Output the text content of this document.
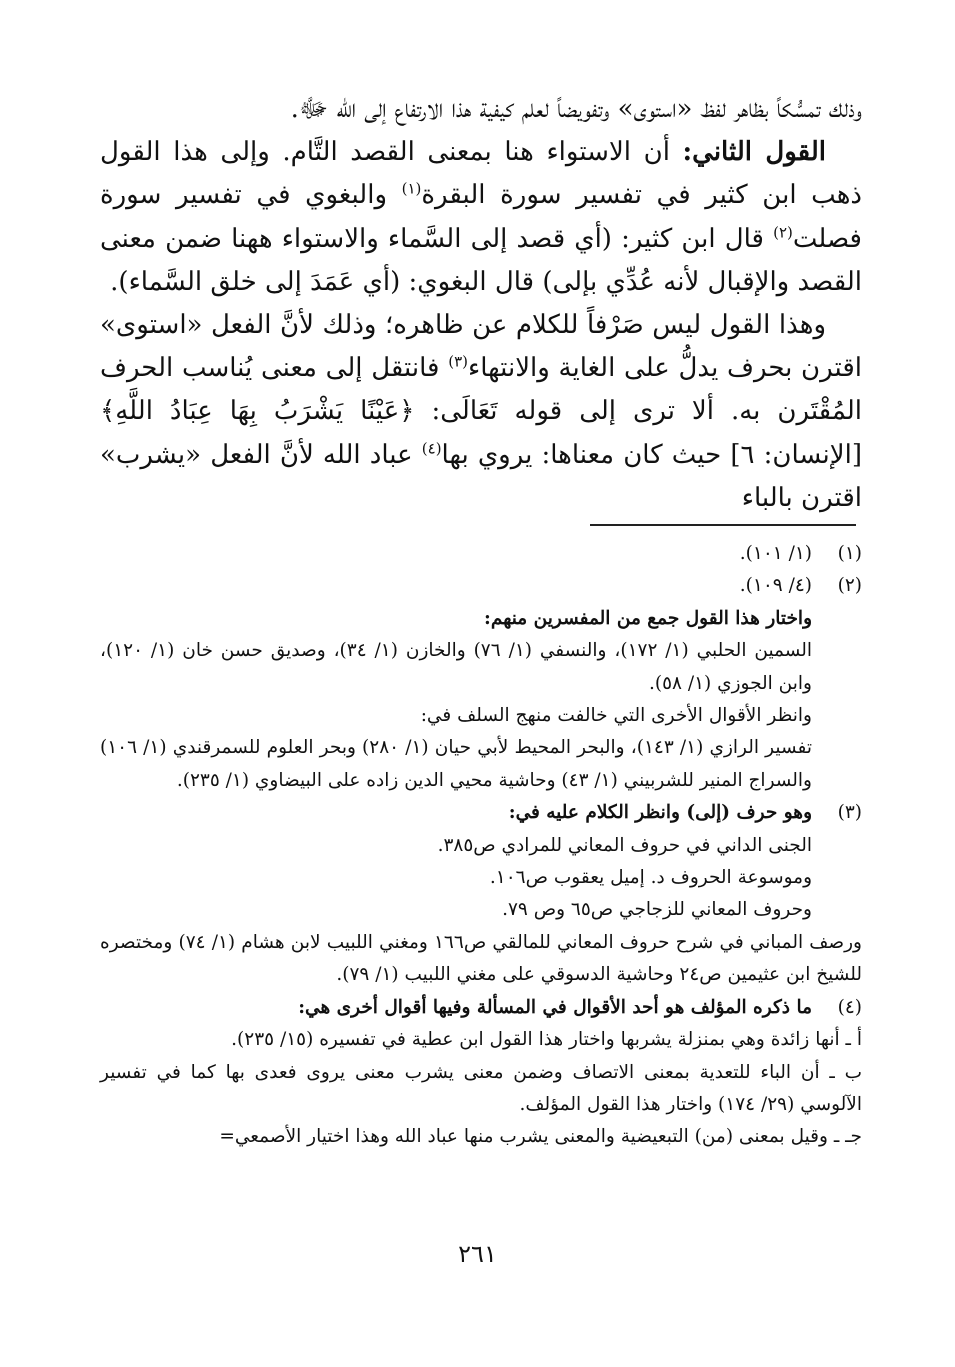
وذلك تمسُّكاً بظاهر لفظ «استوى» وتفويضاً لعلم كيفية هذا الارتفاع إلى الله ﷻ.

القول الثاني: أن الاستواء هنا بمعنى القصد التَّام. وإلى هذا القول ذهب ابن كثير في تفسير سورة البقرة$^{(١)}$ والبغوي في تفسير سورة فصلت$^{(٢)}$ قال ابن كثير: (أي قصد إلى السَّماء والاستواء ههنا ضمن معنى القصد والإقبال لأنه عُدِّي بإلى) قال البغوي: (أي عَمَدَ إلى خلق السَّماء).

وهذا القول ليس صَرْفاً للكلام عن ظاهره؛ وذلك لأنَّ الفعل «استوى» اقترن بحرف يدلُّ على الغاية والانتهاء$^{(٣)}$ فانتقل إلى معنى يُناسب الحرف المُقْتَرن به. ألا ترى إلى قوله تَعَالَى: ﴿عَيْنًا يَشْرَبُ بِهَا عِبَادُ اللَّهِ﴾ [الإنسان: ٦] حيث كان معناها: يروي بها$^{(٤)}$ عباد الله لأنَّ الفعل «يشرب» اقترن بالباء

(١)

(١/ ١٠١).

(٢)

(٤/ ١٠٩).

واختار هذا القول جمع من المفسرين منهم:

السمين الحلبي (١/ ١٧٢)، والنسفي (١/ ٧٦) والخازن (١/ ٣٤)، وصديق حسن خان (١/ ١٢٠)، وابن الجوزي (١/ ٥٨).

وانظر الأقوال الأخرى التي خالفت منهج السلف في:

تفسير الرازي (١/ ١٤٣)، والبحر المحيط لأبي حيان (١/ ٢٨٠) وبحر العلوم للسمرقندي (١/ ١٠٦) والسراج المنير للشربيني (١/ ٤٣) وحاشية محيي الدين زاده على البيضاوي (١/ ٢٣٥).

(٣)

وهو حرف (إلى) وانظر الكلام عليه في:

الجنى الداني في حروف المعاني للمرادي ص٣٨٥.

وموسوعة الحروف د. إميل يعقوب ص١٠٦.

وحروف المعاني للزجاجي ص٦٥ وص ٧٩.

ورصف المباني في شرح حروف المعاني للمالقي ص١٦٦ ومغني اللبيب لابن هشام (١/ ٧٤) ومختصره للشيخ ابن عثيمين ص٢٤ وحاشية الدسوقي على مغني اللبيب (١/ ٧٩).

(٤)

ما ذكره المؤلف هو أحد الأقوال في المسألة وفيها أقوال أخرى هي:

أ ـ أنها زائدة وهي بمنزلة يشربها واختار هذا القول ابن عطية في تفسيره (١٥/ ٢٣٥).

ب ـ أن الباء للتعدية بمعنى الاتصاف وضمن معنى يشرب معنى يروى فعدى بها كما في تفسير الآلوسي (٢٩/ ١٧٤) واختار هذا القول المؤلف.

جـ ـ وقيل بمعنى (من) التبعيضية والمعنى يشرب منها عباد الله وهذا اختيار الأصمعي=

٢٦١
